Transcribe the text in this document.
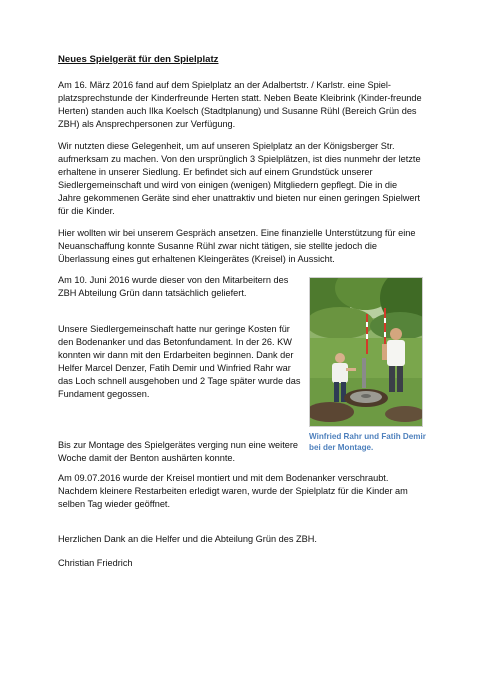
Neues Spielgerät für den Spielplatz

Am 16. März 2016 fand auf dem Spielplatz an der Adalbertstr. / Karlstr. eine Spiel-platzsprechstunde der Kinderfreunde Herten statt. Neben Beate Kleibrink (Kinder-freunde Herten) standen auch Ilka Koelsch (Stadtplanung) und Susanne Rühl (Bereich Grün des ZBH) als Ansprechpersonen zur Verfügung.

Wir nutzten diese Gelegenheit, um auf unseren Spielplatz an der Königsberger Str. aufmerksam zu machen. Von den ursprünglich 3 Spielplätzen, ist dies nunmehr der letzte erhaltene in unserer Siedlung. Er befindet sich auf einem Grundstück unserer Siedlergemeinschaft und wird von einigen (wenigen) Mitgliedern gepflegt. Die in die Jahre gekommenen Geräte sind eher unattraktiv und bieten nur einen geringen Spielwert für die Kinder.

Hier wollten wir bei unserem Gespräch ansetzen. Eine finanzielle Unterstützung für eine Neuanschaffung konnte Susanne Rühl zwar nicht tätigen, sie stellte jedoch die Überlassung eines gut erhaltenen Kleingerätes (Kreisel) in Aussicht.

Am 10. Juni 2016 wurde dieser von den Mitarbeitern des ZBH Abteilung Grün dann tatsächlich geliefert.

Unsere Siedlergemeinschaft hatte nur geringe Kosten für den Bodenanker und das Betonfundament. In der 26. KW konnten wir dann mit den Erdarbeiten beginnen. Dank der Helfer Marcel Denzer, Fatih Demir und Winfried Rahr war das Loch schnell ausgehoben und 2 Tage später wurde das Fundament gegossen.

Bis zur Montage des Spielgerätes verging nun eine weitere Woche damit der Benton aushärten konnte.

Am 09.07.2016 wurde der Kreisel montiert und mit dem Bodenanker verschraubt. Nachdem kleinere Restarbeiten erledigt waren, wurde der Spielplatz für die Kinder am selben Tag wieder geöffnet.

Herzlichen Dank an die Helfer und die Abteilung Grün des ZBH.

Christian Friedrich

Winfried Rahr und Fatih Demir bei der Montage.
